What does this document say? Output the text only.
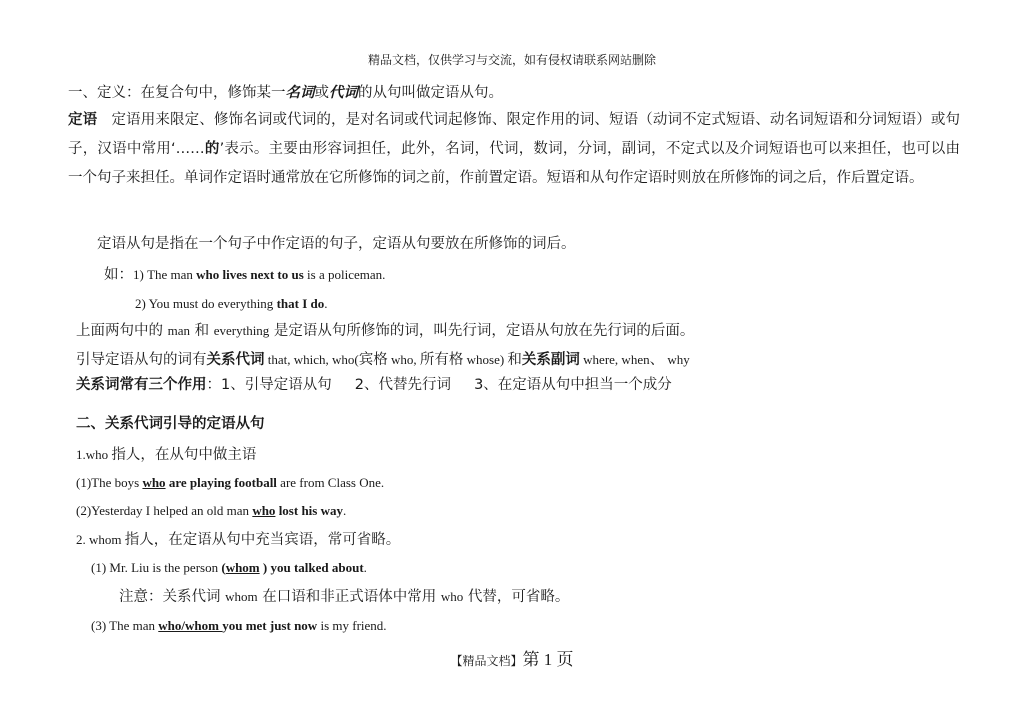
精品文档，仅供学习与交流，如有侵权请联系网站删除
一、定义：在复合句中，修饰某一名词或代词的从句叫做定语从句。
定语 定语用来限定、修饰名词或代词的，是对名词或代词起修饰、限定作用的词、短语（动词不定式短语、动名词短语和分词短语）或句子，汉语中常用‘……的’表示。主要由形容词担任，此外，名词，代词，数词，分词，副词，不定式以及介词短语也可以来担任，也可以由一个句子来担任。单词作定语时通常放在它所修饰的词之前，作前置定语。短语和从句作定语时则放在所修饰的词之后，作后置定语。
定语从句是指在一个句子中作定语的句子，定语从句要放在所修饰的词后。
如：1) The man who lives next to us is a policeman.
2) You must do everything that I do.
上面两句中的 man 和 everything 是定语从句所修饰的词，叫先行词，定语从句放在先行词的后面。
引导定语从句的词有关系代词 that, which, who(宾格 who, 所有格 whose) 和关系副词 where, when、 why
关系词常有三个作用：1、引导定语从句 2、代替先行词 3、在定语从句中担当一个成分
二、关系代词引导的定语从句
1.who 指人，在从句中做主语
(1)The boys who are playing football are from Class One.
(2)Yesterday I helped an old man who lost his way.
2. whom 指人，在定语从句中充当宾语，常可省略。
(1) Mr. Liu is the person (whom ) you talked about.
注意：关系代词 whom 在口语和非正式语体中常用 who 代替，可省略。
(3) The man who/whom you met just now is my friend.
【精品文档】第 1 页
